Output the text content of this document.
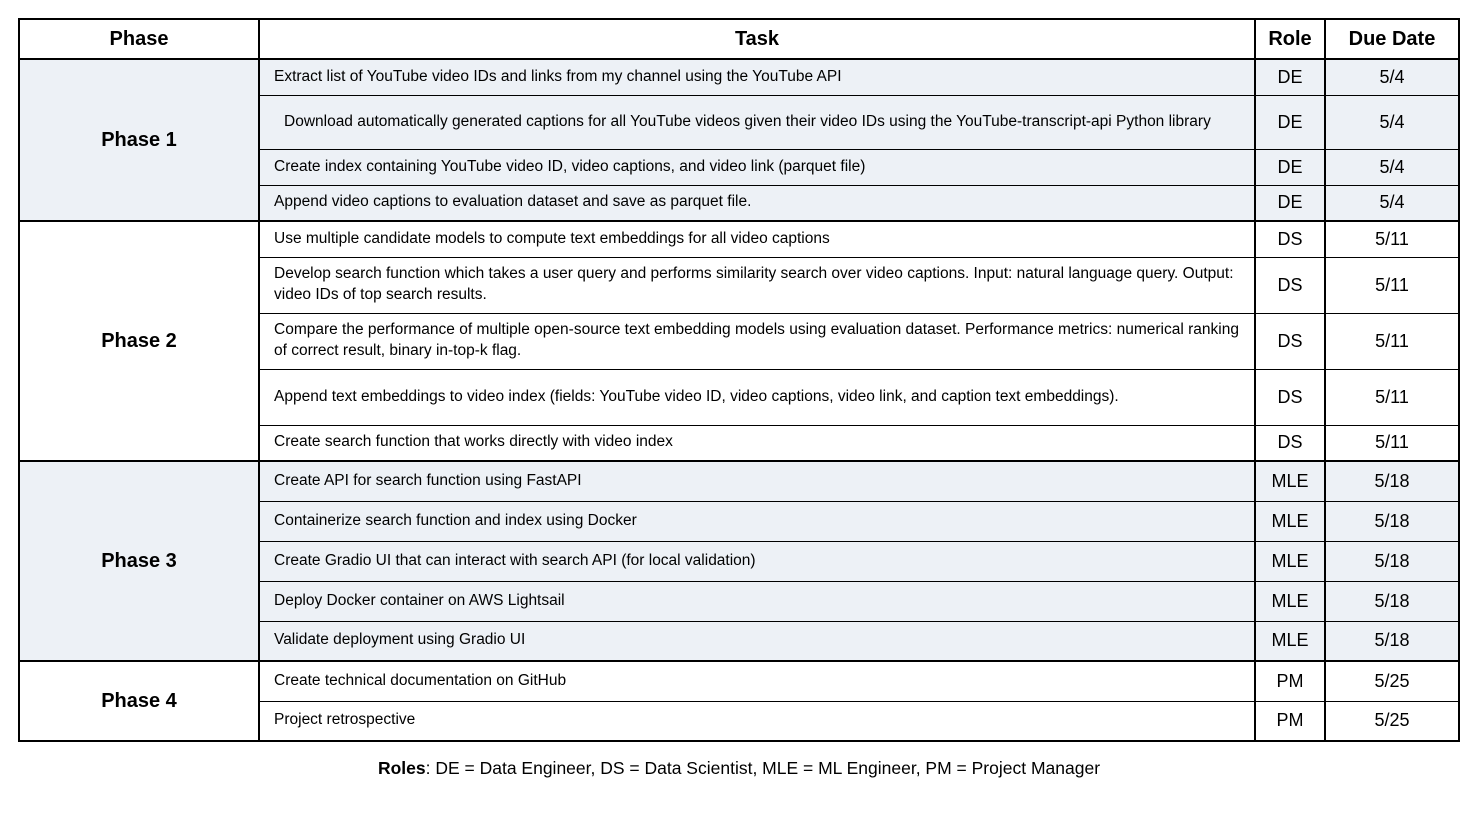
Phase	Task	Role	Due Date
Phase 1	Extract list of YouTube video IDs and links from my channel using the YouTube API	DE	5/4
	Download automatically generated captions for all YouTube videos given their video IDs using the YouTube-transcript-api Python library	DE	5/4
	Create index containing YouTube video ID, video captions, and video link (parquet file)	DE	5/4
	Append video captions to evaluation dataset and save as parquet file.	DE	5/4
Phase 2	Use multiple candidate models to compute text embeddings for all video captions	DS	5/11
	Develop search function which takes a user query and performs similarity search over video captions. Input: natural language query. Output: video IDs of top search results.	DS	5/11
	Compare the performance of multiple open-source text embedding models using evaluation dataset. Performance metrics: numerical ranking of correct result, binary in-top-k flag.	DS	5/11
	Append text embeddings to video index (fields: YouTube video ID, video captions, video link, and caption text embeddings).	DS	5/11
	Create search function that works directly with video index	DS	5/11
Phase 3	Create API for search function using FastAPI	MLE	5/18
	Containerize search function and index using Docker	MLE	5/18
	Create Gradio UI that can interact with search API (for local validation)	MLE	5/18
	Deploy Docker container on AWS Lightsail	MLE	5/18
	Validate deployment using Gradio UI	MLE	5/18
Phase 4	Create technical documentation on GitHub	PM	5/25
	Project retrospective	PM	5/25

Roles: DE = Data Engineer, DS = Data Scientist, MLE = ML Engineer, PM = Project Manager
